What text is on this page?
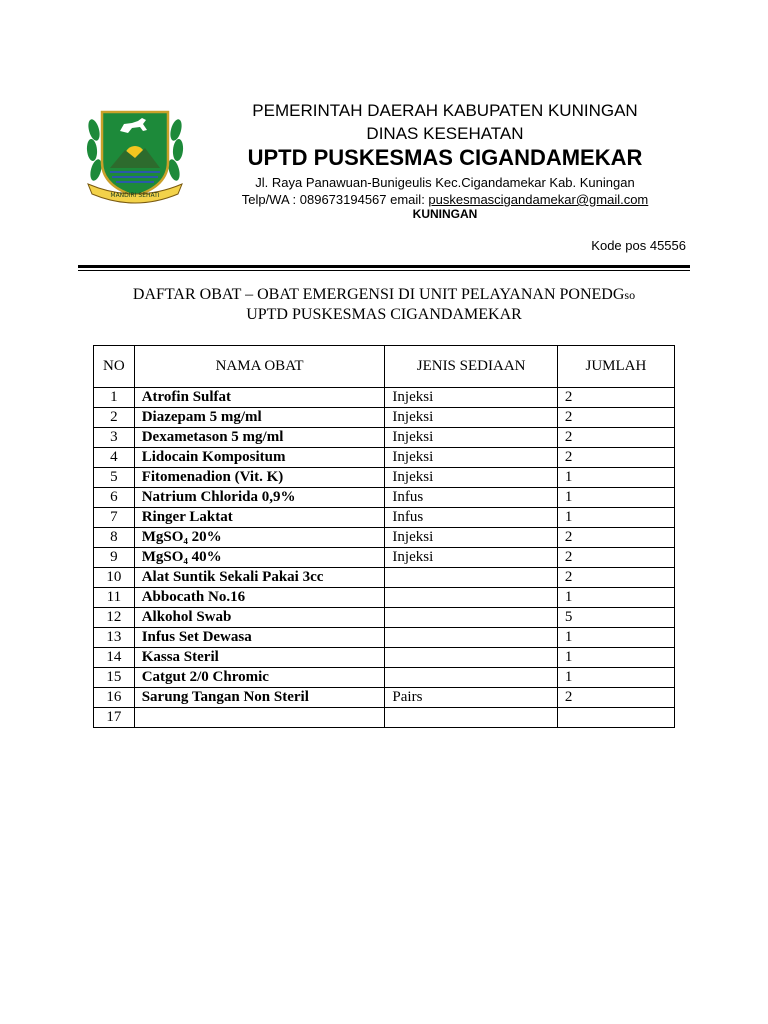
MANDIRI SEHATI
PEMERINTAH DAERAH KABUPATEN KUNINGAN
DINAS KESEHATAN
UPTD PUSKESMAS CIGANDAMEKAR
Jl. Raya Panawuan-Bunigeulis Kec.Cigandamekar Kab. Kuningan
Telp/WA : 089673194567 email: puskesmascigandamekar@gmail.com
KUNINGAN
Kode pos 45556
DAFTAR OBAT – OBAT EMERGENSI DI UNIT PELAYANAN PONEDGso
UPTD PUSKESMAS CIGANDAMEKAR
NO	NAMA OBAT	JENIS SEDIAAN	JUMLAH
1	Atrofin Sulfat	Injeksi	2
2	Diazepam 5 mg/ml	Injeksi	2
3	Dexametason 5 mg/ml	Injeksi	2
4	Lidocain Kompositum	Injeksi	2
5	Fitomenadion (Vit. K)	Injeksi	1
6	Natrium Chlorida 0,9%	Infus	1
7	Ringer Laktat	Infus	1
8	MgSO₄ 20%	Injeksi	2
9	MgSO₄ 40%	Injeksi	2
10	Alat Suntik Sekali Pakai 3cc		2
11	Abbocath No.16		1
12	Alkohol Swab		5
13	Infus Set Dewasa		1
14	Kassa Steril		1
15	Catgut 2/0 Chromic		1
16	Sarung Tangan Non Steril	Pairs	2
17			
